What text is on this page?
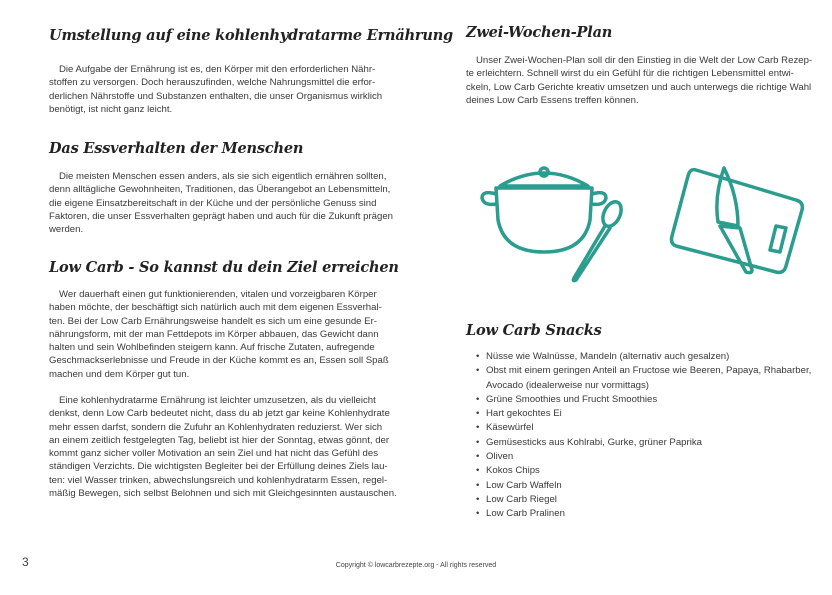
Umstellung auf eine kohlenhydratarme Ernährung

Die Aufgabe der Ernährung ist es, den Körper mit den erforderlichen Nähr-
stoffen zu versorgen. Doch herauszufinden, welche Nahrungsmittel die erfor-
derlichen Nährstoffe und Substanzen enthalten, die unser Organismus wirklich
benötigt, ist nicht ganz leicht.

Das Essverhalten der Menschen

Die meisten Menschen essen anders, als sie sich eigentlich ernähren sollten,
denn alltägliche Gewohnheiten, Traditionen, das Überangebot an Lebensmitteln,
die eigene Einsatzbereitschaft in der Küche und der persönliche Genuss sind
Faktoren, die unser Essverhalten geprägt haben und auch für die Zukunft prägen
werden.

Low Carb - So kannst du dein Ziel erreichen

Wer dauerhaft einen gut funktionierenden, vitalen und vorzeigbaren Körper
haben möchte, der beschäftigt sich natürlich auch mit dem eigenen Essverhal-
ten. Bei der Low Carb Ernährungsweise handelt es sich um eine gesunde Er-
nährungsform, mit der man Fettdepots im Körper abbauen, das Gewicht dann
halten und sein Wohlbefinden steigern kann. Auf frische Zutaten, aufregende
Geschmackserlebnisse und Freude in der Küche kommt es an, Essen soll Spaß
machen und dem Körper gut tun.

Eine kohlenhydratarme Ernährung ist leichter umzusetzen, als du vielleicht
denkst, denn Low Carb bedeutet nicht, dass du ab jetzt gar keine Kohlenhydrate
mehr essen darfst, sondern die Zufuhr an Kohlenhydraten reduzierst. Wer sich
an einem zeitlich festgelegten Tag, beliebt ist hier der Sonntag, etwas gönnt, der
kommt ganz sicher voller Motivation an sein Ziel und hat nicht das Gefühl des
ständigen Verzichts. Die wichtigsten Begleiter bei der Erfüllung deines Ziels lau-
ten: viel Wasser trinken, abwechslungsreich und kohlenhydratarm Essen, regel-
mäßig Bewegen, sich selbst Belohnen und sich mit Gleichgesinnten austauschen.

Zwei-Wochen-Plan

Unser Zwei-Wochen-Plan soll dir den Einstieg in die Welt der Low Carb Rezep-
te erleichtern. Schnell wirst du ein Gefühl für die richtigen Lebensmittel entwi-
ckeln, Low Carb Gerichte kreativ umsetzen und auch unterwegs die richtige Wahl
deines Low Carb Essens treffen können.

Low Carb Snacks
• Nüsse wie Walnüsse, Mandeln (alternativ auch gesalzen)
• Obst mit einem geringen Anteil an Fructose wie Beeren, Papaya, Rhabarber,
Avocado (idealerweise nur vormittags)
• Grüne Smoothies und Frucht Smoothies
• Hart gekochtes Ei
• Käsewürfel
• Gemüsesticks aus Kohlrabi, Gurke, grüner Paprika
• Oliven
• Kokos Chips
• Low Carb Waffeln
• Low Carb Riegel
• Low Carb Pralinen
3	Copyright © lowcarbrezepte.org - All rights reserved
